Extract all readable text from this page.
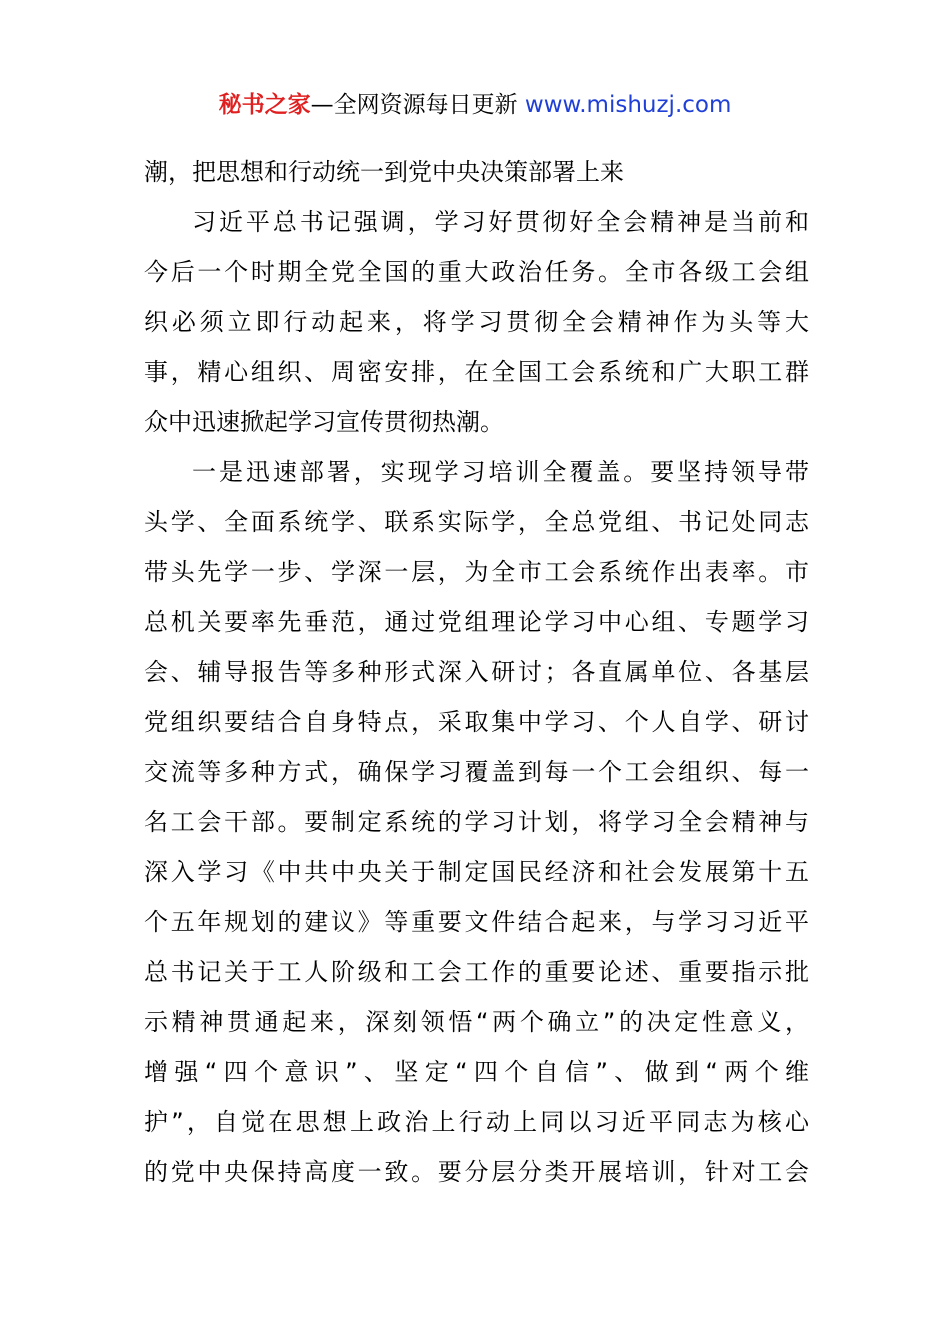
秘书之家—全网资源每日更新 www.mishuzj.com
潮，把思想和行动统一到党中央决策部署上来
习近平总书记强调，学习好贯彻好全会精神是当前和
今后一个时期全党全国的重大政治任务。全市各级工会组
织必须立即行动起来，将学习贯彻全会精神作为头等大
事，精心组织、周密安排，在全国工会系统和广大职工群
众中迅速掀起学习宣传贯彻热潮。
一是迅速部署，实现学习培训全覆盖。要坚持领导带
头学、全面系统学、联系实际学，全总党组、书记处同志
带头先学一步、学深一层，为全市工会系统作出表率。市
总机关要率先垂范，通过党组理论学习中心组、专题学习
会、辅导报告等多种形式深入研讨；各直属单位、各基层
党组织要结合自身特点，采取集中学习、个人自学、研讨
交流等多种方式，确保学习覆盖到每一个工会组织、每一
名工会干部。要制定系统的学习计划，将学习全会精神与
深入学习《中共中央关于制定国民经济和社会发展第十五
个五年规划的建议》等重要文件结合起来，与学习习近平
总书记关于工人阶级和工会工作的重要论述、重要指示批
示精神贯通起来，深刻领悟“两个确立”的决定性意义，
增强“四个意识”、坚定“四个自信”、做到“两个维
护”，自觉在思想上政治上行动上同以习近平同志为核心
的党中央保持高度一致。要分层分类开展培训，针对工会
